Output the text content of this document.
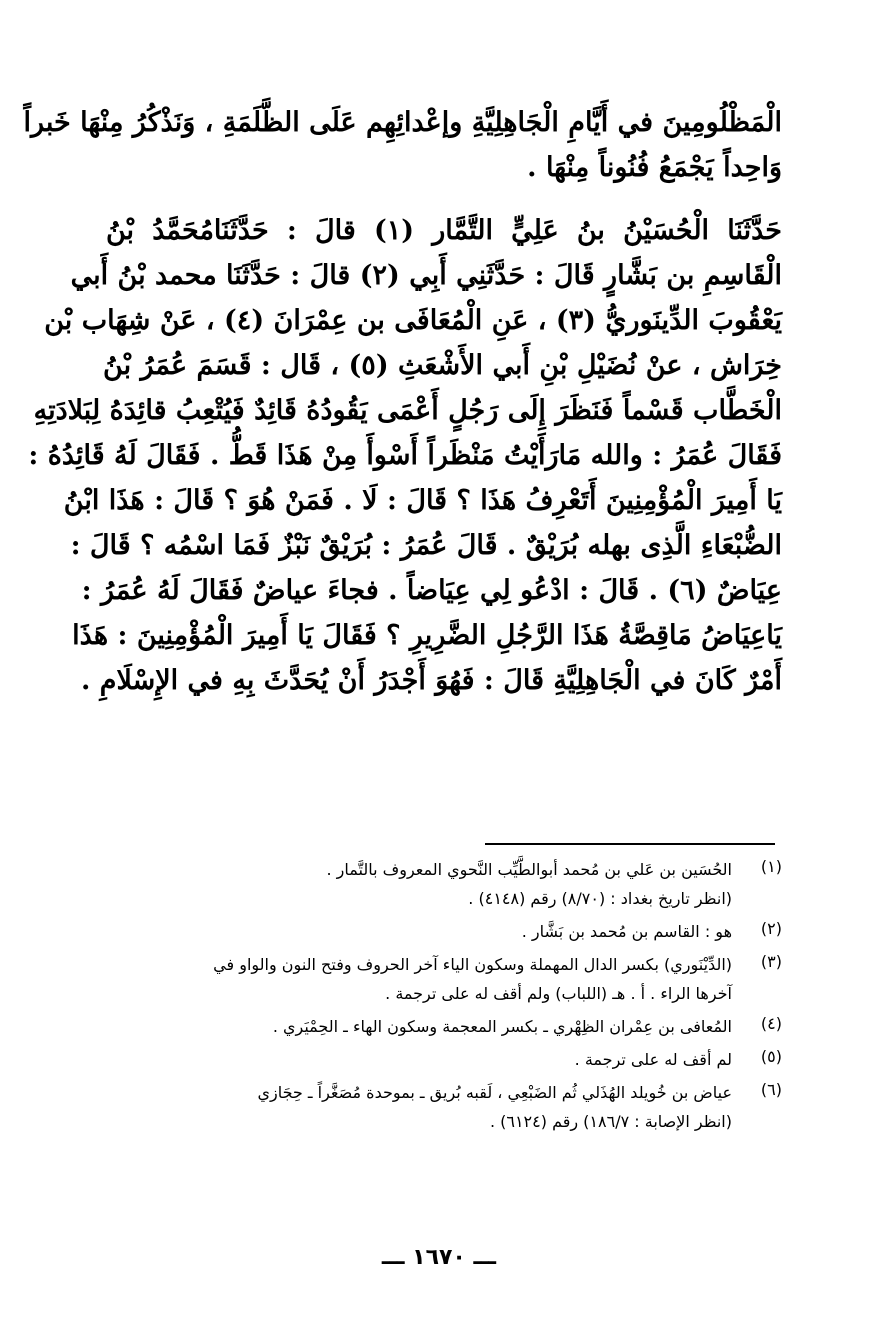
الْمَظْلُومِينَ في أَيَّامِ الْجَاهِلِيَّةِ وإعْدائِهِم عَلَى الظَّلَمَةِ ، وَنَذْكُرُ مِنْهَا خَبراً
وَاحِداً يَجْمَعُ فُنُوناً مِنْهَا .

حَدَّثَنَا الْحُسَيْنُ بنُ عَلِيٍّ التَّمَّار (١) قالَ : حَدَّثَنَامُحَمَّدُ بْنُ
الْقَاسِمِ بن بَشَّارٍ قَالَ : حَدَّثَنِي أَبِي (٢) قالَ : حَدَّثَنَا محمد بْنُ أَبي
يَعْقُوبَ الدِّينَوريُّ (٣) ، عَنِ الْمُعَافَى بن عِمْرَانَ (٤) ، عَنْ شِهَاب بْن
خِرَاش ، عنْ نُضَيْلِ بْنِ أَبي الأَشْعَثِ (٥) ، قَال : قَسَمَ عُمَرُ بْنُ
الْخَطَّاب قَسْماً فَنَظَرَ إِلَى رَجُلٍ أَعْمَى يَقُودُهُ قَائِدٌ فَيُتْعِبُ قائِدَهُ لِبَلادَتِهِ
فَقَالَ عُمَرُ : والله مَارَأَيْتُ مَنْظَراً أَسْوأَ مِنْ هَذَا قَطُّ . فَقَالَ لَهُ قَائِدُهُ :
يَا أَمِيرَ الْمُؤْمِنِينَ أَتَعْرِفُ هَذَا ؟ قَالَ : لَا . فَمَنْ هُوَ ؟ قَالَ : هَذَا ابْنُ
الضُّبْعَاءِ الَّذِى بهله بُرَيْقٌ . قَالَ عُمَرُ : بُرَيْقٌ نَبْزٌ فَمَا اسْمُه ؟ قَالَ :
عِيَاضٌ (٦) . قَالَ : ادْعُو لِي عِيَاضاً . فجاءَ عياضٌ فَقَالَ لَهُ عُمَرُ :
يَاعِيَاضُ مَاقِصَّةُ هَذَا الرَّجُلِ الضَّرِيرِ ؟ فَقَالَ يَا أَمِيرَ الْمُؤْمِنِينَ : هَذَا
أَمْرٌ كَانَ في الْجَاهِلِيَّةِ قَالَ : فَهُوَ أَجْدَرُ أَنْ يُحَدَّثَ بِهِ في الإِسْلَامِ .

(١)
الحُسَين بن عَلي بن مُحمد أبوالطَّيِّب النَّحوي المعروف بالتَّمار .
(انظر تاريخ بغداد : (٨/٧٠) رقم (٤١٤٨) .
(٢)
هو : القاسم بن مُحمد بن بَشَّار .
(٣)
(الدِّيْنَوري) بكسر الدال المهملة وسكون الياء آخر الحروف وفتح النون والواو في
آخرها الراء . أ . هـ (اللباب) ولم أقف له على ترجمة .
(٤)
المُعافى بن عِمْران الظِهْري ـ بكسر المعجمة وسكون الهاء ـ الحِمْيَري .
(٥)
لم أقف له على ترجمة .
(٦)
عياض بن خُويلد الهُذَلي ثُم الضَبْعِي ، لَقبه بُريق ـ بموحدة مُصَغَّراً ـ حِجَازي
(انظر الإصابة : ١٨٦/٧) رقم (٦١٢٤) .
ـــ ١٦٧٠ ـــ
